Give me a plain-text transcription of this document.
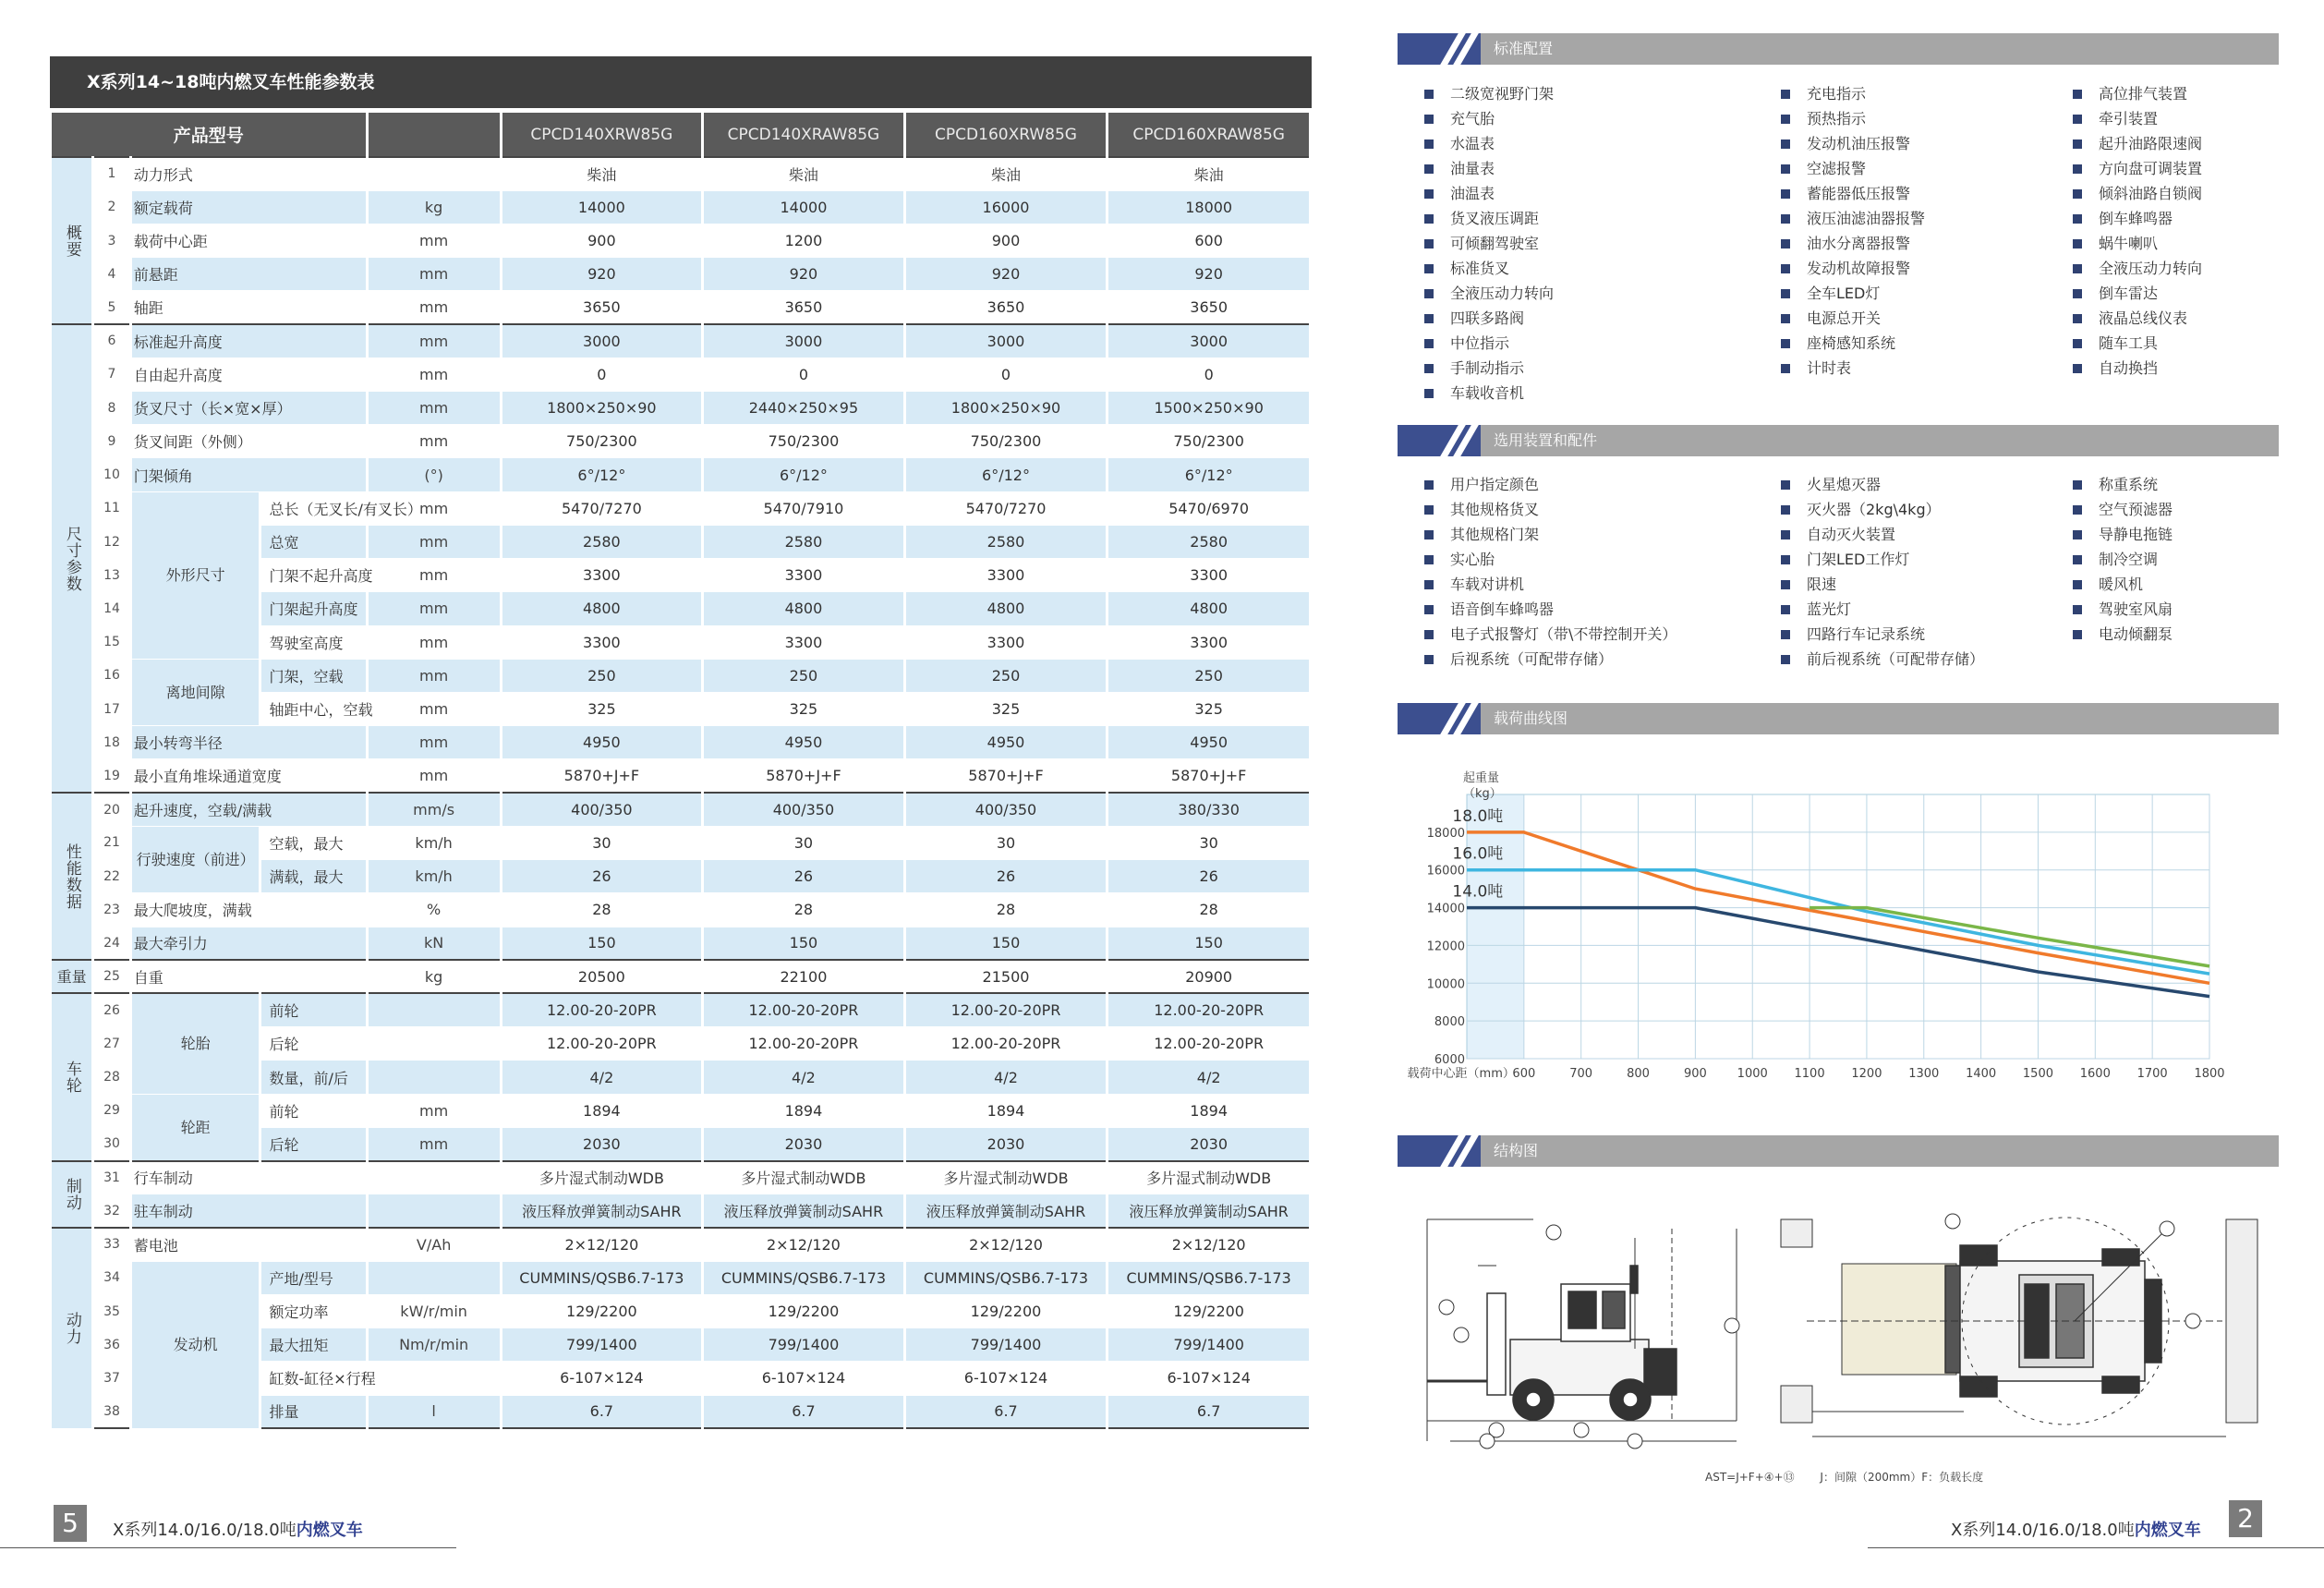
X系列14~18吨内燃叉车性能参数表
产品型号					CPCD140XRW85G	CPCD140XRAW85G	CPCD160XRW85G	CPCD160XRAW85G

概要	1	动力形式			柴油	柴油	柴油	柴油
	2	额定载荷		kg	14000	14000	16000	18000
	3	载荷中心距		mm	900	1200	900	600
	4	前悬距		mm	920	920	920	920
	5	轴距		mm	3650	3650	3650	3650

尺寸参数	6	标准起升高度		mm	3000	3000	3000	3000
	7	自由起升高度		mm	0	0	0	0
	8	货叉尺寸（长×宽×厚）		mm	1800×250×90	2440×250×95	1800×250×90	1500×250×90
	9	货叉间距（外侧）		mm	750/2300	750/2300	750/2300	750/2300
	10	门架倾角		(°)	6°/12°	6°/12°	6°/12°	6°/12°
	11	外形尺寸	总长（无叉长/有叉长）	mm	5470/7270	5470/7910	5470/7270	5470/6970
	12		总宽	mm	2580	2580	2580	2580
	13		门架不起升高度	mm	3300	3300	3300	3300
	14		门架起升高度	mm	4800	4800	4800	4800
	15		驾驶室高度	mm	3300	3300	3300	3300
	16	离地间隙	门架，空载	mm	250	250	250	250
	17		轴距中心，空载	mm	325	325	325	325
	18	最小转弯半径		mm	4950	4950	4950	4950
	19	最小直角堆垛通道宽度		mm	5870+J+F	5870+J+F	5870+J+F	5870+J+F

性能数据	20	起升速度，空载/满载		mm/s	400/350	400/350	400/350	380/330
	21	行驶速度（前进）	空载，最大	km/h	30	30	30	30
	22		满载，最大	km/h	26	26	26	26
	23	最大爬坡度，满载		%	28	28	28	28
	24	最大牵引力		kN	150	150	150	150

重量	25	自重		kg	20500	22100	21500	20900

车轮	26	轮胎	前轮		12.00-20-20PR	12.00-20-20PR	12.00-20-20PR	12.00-20-20PR
	27		后轮		12.00-20-20PR	12.00-20-20PR	12.00-20-20PR	12.00-20-20PR
	28		数量，前/后		4/2	4/2	4/2	4/2
	29	轮距	前轮	mm	1894	1894	1894	1894
	30		后轮	mm	2030	2030	2030	2030

制动	31	行车制动			多片湿式制动WDB	多片湿式制动WDB	多片湿式制动WDB	多片湿式制动WDB
	32	驻车制动			液压释放弹簧制动SAHR	液压释放弹簧制动SAHR	液压释放弹簧制动SAHR	液压释放弹簧制动SAHR

动力	33	蓄电池		V/Ah	2×12/120	2×12/120	2×12/120	2×12/120
	34	发动机	产地/型号		CUMMINS/QSB6.7-173	CUMMINS/QSB6.7-173	CUMMINS/QSB6.7-173	CUMMINS/QSB6.7-173
	35		额定功率	kW/r/min	129/2200	129/2200	129/2200	129/2200
	36		最大扭矩	Nm/r/min	799/1400	799/1400	799/1400	799/1400
	37		缸数-缸径×行程		6-107×124	6-107×124	6-107×124	6-107×124
	38		排量	l	6.7	6.7	6.7	6.7
标准配置
二级宽视野门架
充气胎
水温表
油量表
油温表
货叉液压调距
可倾翻驾驶室
标准货叉
全液压动力转向
四联多路阀
中位指示
手制动指示
车载收音机
充电指示
预热指示
发动机油压报警
空滤报警
蓄能器低压报警
液压油滤油器报警
油水分离器报警
发动机故障报警
全车LED灯
电源总开关
座椅感知系统
计时表
高位排气装置
牵引装置
起升油路限速阀
方向盘可调装置
倾斜油路自锁阀
倒车蜂鸣器
蜗牛喇叭
全液压动力转向
倒车雷达
液晶总线仪表
随车工具
自动换挡
选用装置和配件
用户指定颜色
其他规格货叉
其他规格门架
实心胎
车载对讲机
语音倒车蜂鸣器
电子式报警灯（带\不带控制开关）
后视系统（可配带存储）
火星熄灭器
灭火器（2kg\4kg）
自动灭火装置
门架LED工作灯
限速
蓝光灯
四路行车记录系统
前后视系统（可配带存储）
称重系统
空气预滤器
导静电拖链
制冷空调
暖风机
驾驶室风扇
电动倾翻泵
载荷曲线图
600	700	800	900	1000 1100 1200 1300 1400 1500 1600 1700 1800
6000
8000
10000
12000
14000
16000
18000
起重量
（kg）
载荷中心距（mm）
18.0吨
16.0吨
14.0吨
结构图
AST=J+F+④+⑬ J：间隙（200mm）F：负载长度
5	X系列14.0/16.0/18.0吨内燃叉车	X系列14.0/16.0/18.0吨内燃叉车	2
